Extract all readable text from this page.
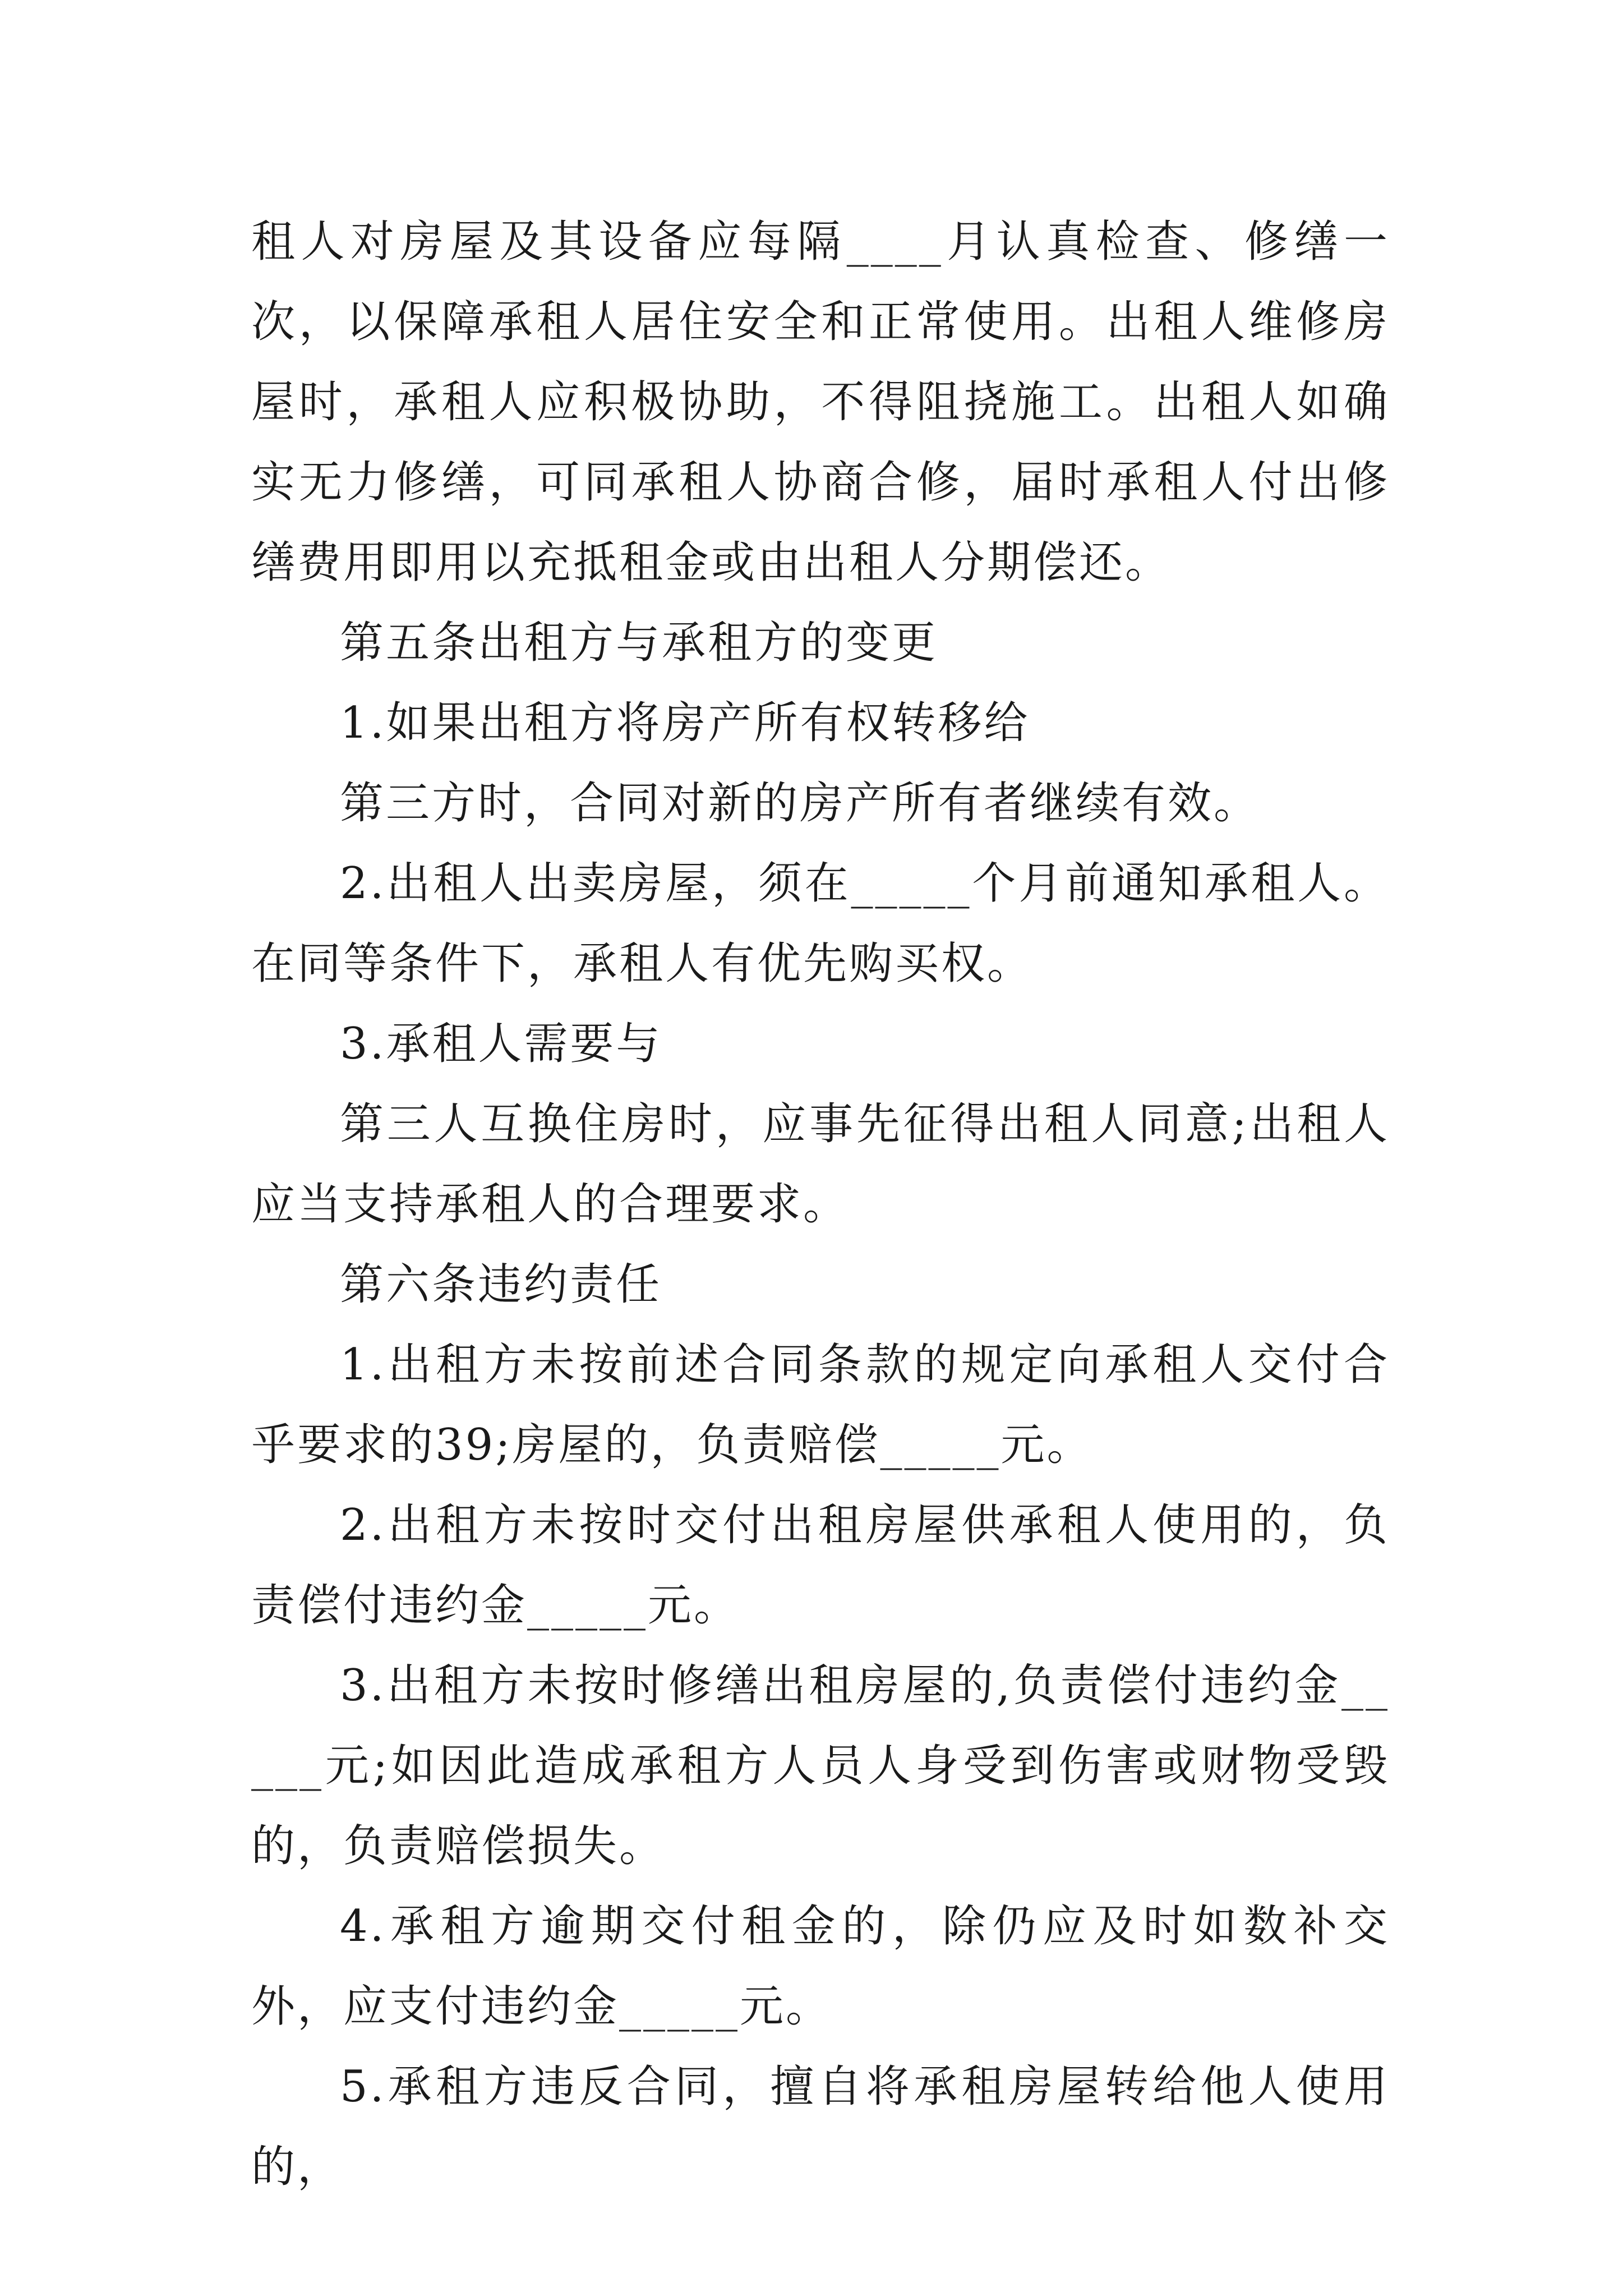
租人对房屋及其设备应每隔____月认真检查、修缮一次，以保障承租人居住安全和正常使用。出租人维修房屋时，承租人应积极协助，不得阻挠施工。出租人如确实无力修缮，可同承租人协商合修，届时承租人付出修缮费用即用以充抵租金或由出租人分期偿还。

第五条出租方与承租方的变更

1.如果出租方将房产所有权转移给

第三方时，合同对新的房产所有者继续有效。

2.出租人出卖房屋，须在_____个月前通知承租人。在同等条件下，承租人有优先购买权。

3.承租人需要与

第三人互换住房时，应事先征得出租人同意;出租人应当支持承租人的合理要求。

第六条违约责任

1.出租方未按前述合同条款的规定向承租人交付合乎要求的39;房屋的，负责赔偿_____元。

2.出租方未按时交付出租房屋供承租人使用的，负责偿付违约金_____元。

3.出租方未按时修缮出租房屋的,负责偿付违约金_____元;如因此造成承租方人员人身受到伤害或财物受毁的，负责赔偿损失。

4.承租方逾期交付租金的，除仍应及时如数补交外，应支付违约金_____元。

5.承租方违反合同，擅自将承租房屋转给他人使用的，
